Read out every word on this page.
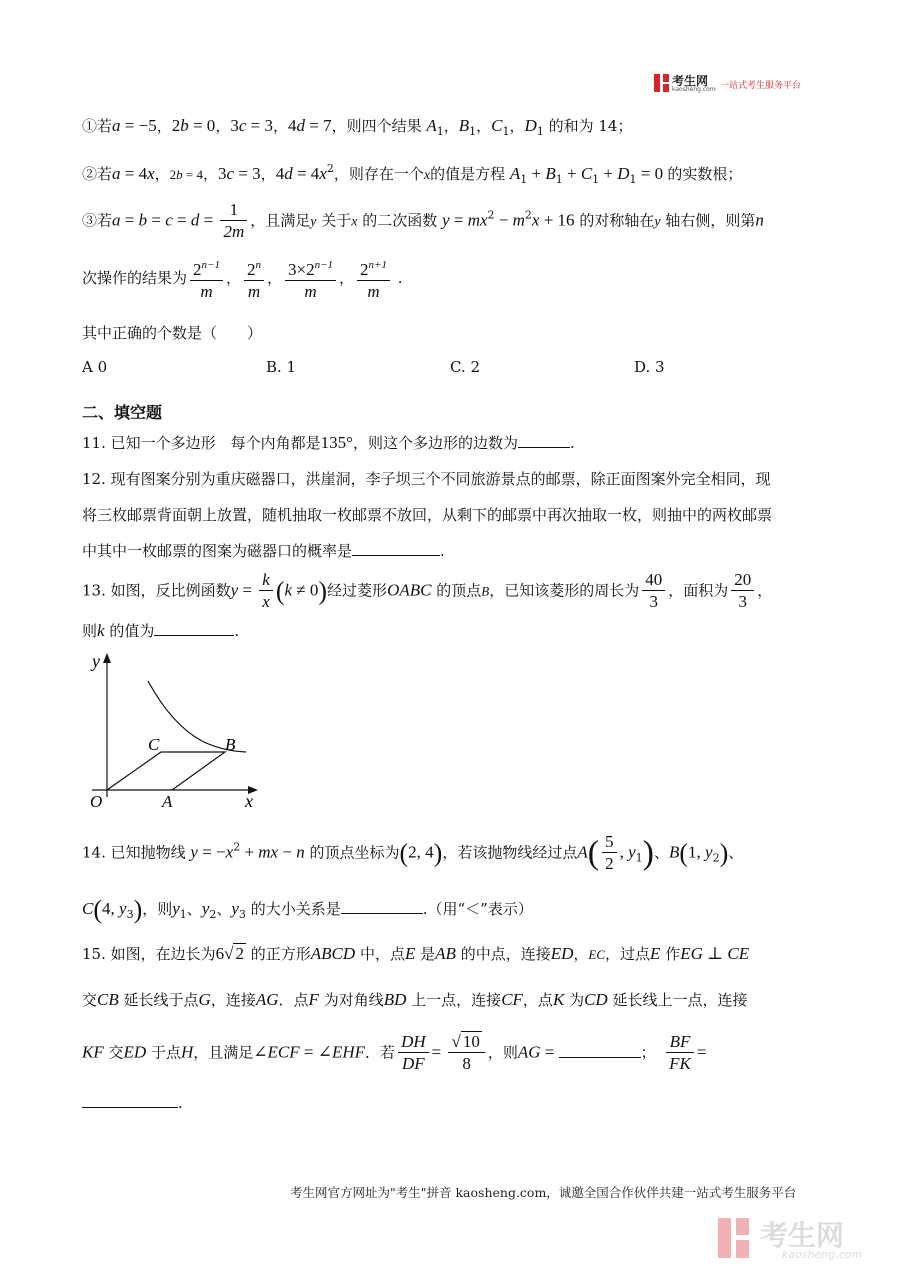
考生网
kaosheng.com 一站式考生服务平台
①若a = −5，2b = 0，3c = 3，4d = 7，则四个结果 $A_1$，$B_1$，$C_1$，$D_1$ 的和为 14；
②若a = 4x，2b = 4，3c = 3，$4d = 4x^2$，则存在一个x的值是方程 $A_1 + B_1 + C_1 + D_1 = 0$ 的实数根；
③若$a = b = c = d = \frac{1}{2m}$ ，且满足y 关于x 的二次函数 $y = mx^2 - m^2x + 16$ 的对称轴在y 轴右侧，则第n
次操作的结果为 $\frac{2^{n-1}}{m}$ ， $\frac{2^n}{m}$ ， $\frac{3\times 2^{n-1}}{m}$ ， $\frac{2^{n+1}}{m}$ .
其中正确的个数是（　　）
A 0	B. 1	C. 2	D. 3
二、填空题
11. 已知一个多边形　 每个内角都是135°，则这个多边形的边数为	.
12. 现有图案分别为重庆磁器口，洪崖洞，李子坝三个不同旅游景点的邮票，除正面图案外完全相同，现
将三枚邮票背面朝上放置，随机抽取一枚邮票不放回，从剩下的邮票中再次抽取一枚，则抽中的两枚邮票
中其中一枚邮票的图案为磁器口的概率是	.
13. 如图，反比例函数$y = \frac{k}{x} (k \ne 0)$经过菱形OABC 的顶点B，已知该菱形的周长为 $\frac{40}{3}$ ，面积为 $\frac{20}{3}$ ，
则k 的值为	.
y
x
O	A
B
C
14. 已知抛物线 $y = -x^2$ + mx − n 的顶点坐标为(2, 4)，若该抛物线经过点$A( \frac{5}{2}$ , $y_1$)、B(1, $y_2$)、
C(4, $y_3$)，则$y_1$、$y_2$、$y_3$ 的大小关系是	.（用“＜”表示）
15. 如图，在边长为6√ 2 的正方形ABCD 中，点E 是AB 的中点，连接ED，EC，过点E 作EG ⊥ CE
交CB 延长线于点G，连接AG．点F 为对角线BD 上一点，连接CF，点K 为CD 延长线上一点，连接
KF 交ED 于点H，且满足∠ECF = ∠EHF．若 $\frac{DH}{DF} = \frac{√ 10}{8}$ ，则AG =	；　 $\frac{BF}{FK}$ =
.
考生网官方网址为"考生"拼音 kaosheng.com，诚邀全国合作伙伴共建一站式考生服务平台
考生网
kaosheng.com
